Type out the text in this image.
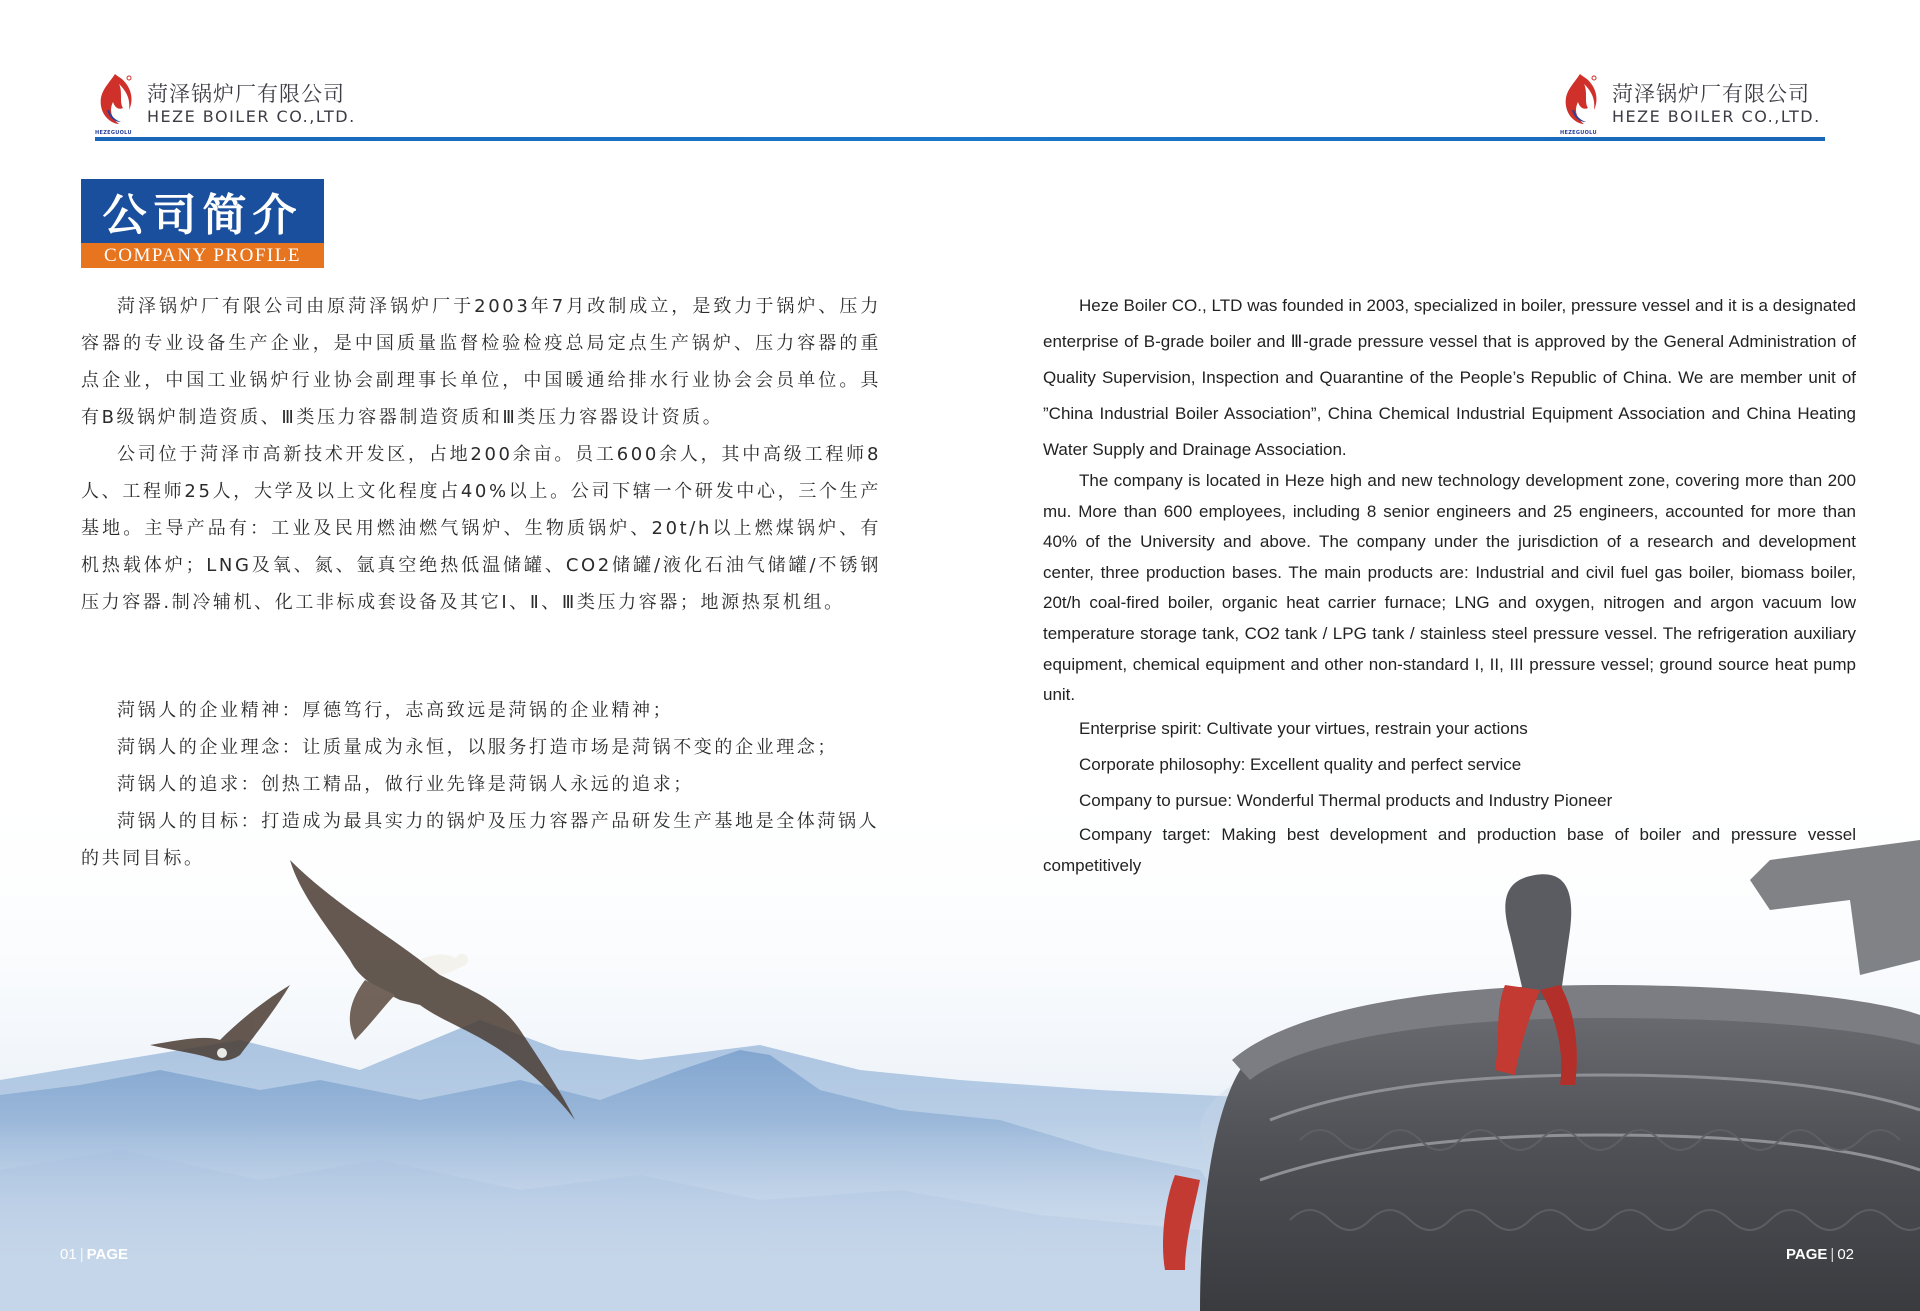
HEZEGUOLU
菏泽锅炉厂有限公司
HEZE BOILER CO.,LTD.
HEZEGUOLU
菏泽锅炉厂有限公司
HEZE BOILER CO.,LTD.
公司简介
COMPANY PROFILE

菏泽锅炉厂有限公司由原菏泽锅炉厂于2003年7月改制成立，是致力于锅炉、压力容器的专业设备生产企业，是中国质量监督检验检疫总局定点生产锅炉、压力容器的重点企业，中国工业锅炉行业协会副理事长单位，中国暖通给排水行业协会会员单位。具有B级锅炉制造资质、Ⅲ类压力容器制造资质和Ⅲ类压力容器设计资质。

公司位于菏泽市高新技术开发区，占地200余亩。员工600余人，其中高级工程师8人、工程师25人，大学及以上文化程度占40%以上。公司下辖一个研发中心，三个生产基地。主导产品有：工业及民用燃油燃气锅炉、生物质锅炉、20t/h以上燃煤锅炉、有机热载体炉；LNG及氧、氮、氩真空绝热低温储罐、CO2储罐/液化石油气储罐/不锈钢压力容器.制冷辅机、化工非标成套设备及其它Ⅰ、Ⅱ、Ⅲ类压力容器；地源热泵机组。

菏锅人的企业精神：厚德笃行，志高致远是菏锅的企业精神；

菏锅人的企业理念：让质量成为永恒，以服务打造市场是菏锅不变的企业理念；

菏锅人的追求：创热工精品，做行业先锋是菏锅人永远的追求；

菏锅人的目标：打造成为最具实力的锅炉及压力容器产品研发生产基地是全体菏锅人的共同目标。

Heze Boiler CO., LTD was founded in 2003, specialized in boiler, pressure vessel and it is a designated enterprise of B-grade boiler and Ⅲ-grade pressure vessel that is approved by the General Administration of Quality Supervision, Inspection and Quarantine of the People’s Republic of China. We are member unit of ”China Industrial Boiler Association”, China Chemical Industrial Equipment Association and China Heating Water Supply and Drainage Association.

The company is located in Heze high and new technology development zone, covering more than 200 mu. More than 600 employees, including 8 senior engineers and 25 engineers, accounted for more than 40% of the University and above. The company under the jurisdiction of a research and development center, three production bases. The main products are: Industrial and civil fuel gas boiler, biomass boiler, 20t/h coal-fired boiler, organic heat carrier furnace; LNG and oxygen, nitrogen and argon vacuum low temperature storage tank, CO2 tank / LPG tank / stainless steel pressure vessel. The refrigeration auxiliary equipment, chemical equipment and other non-standard I, II, III pressure vessel; ground source heat pump unit.

Enterprise spirit: Cultivate your virtues, restrain your actions

Corporate philosophy: Excellent quality and perfect service

Company to pursue: Wonderful Thermal products and Industry Pioneer

Company target: Making best development and production base of boiler and pressure vessel competitively

01 | PAGE	PAGE | 02
